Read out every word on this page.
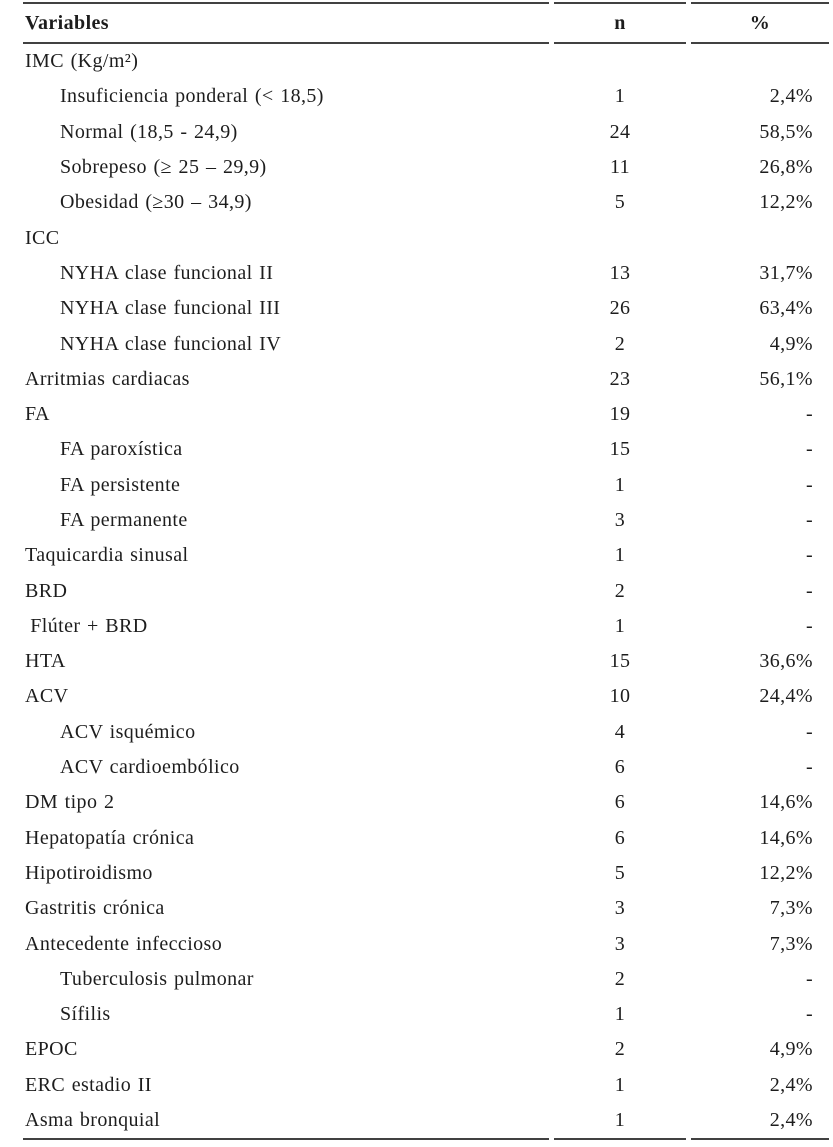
Variables	n	%
IMC (Kg/m²)		
Insuficiencia ponderal (< 18,5)	1	2,4%
Normal (18,5 - 24,9)	24	58,5%
Sobrepeso (≥ 25 – 29,9)	11	26,8%
Obesidad (≥30 – 34,9)	5	12,2%
ICC		
NYHA clase funcional II	13	31,7%
NYHA clase funcional III	26	63,4%
NYHA clase funcional IV	2	4,9%
Arritmias cardiacas	23	56,1%
FA	19	-
FA paroxística	15	-
FA persistente	1	-
FA permanente	3	-
Taquicardia sinusal	1	-
BRD	2	-
Flúter + BRD	1	-
HTA	15	36,6%
ACV	10	24,4%
ACV isquémico	4	-
ACV cardioembólico	6	-
DM tipo 2	6	14,6%
Hepatopatía crónica	6	14,6%
Hipotiroidismo	5	12,2%
Gastritis crónica	3	7,3%
Antecedente infeccioso	3	7,3%
Tuberculosis pulmonar	2	-
Sífilis	1	-
EPOC	2	4,9%
ERC estadio II	1	2,4%
Asma bronquial	1	2,4%
